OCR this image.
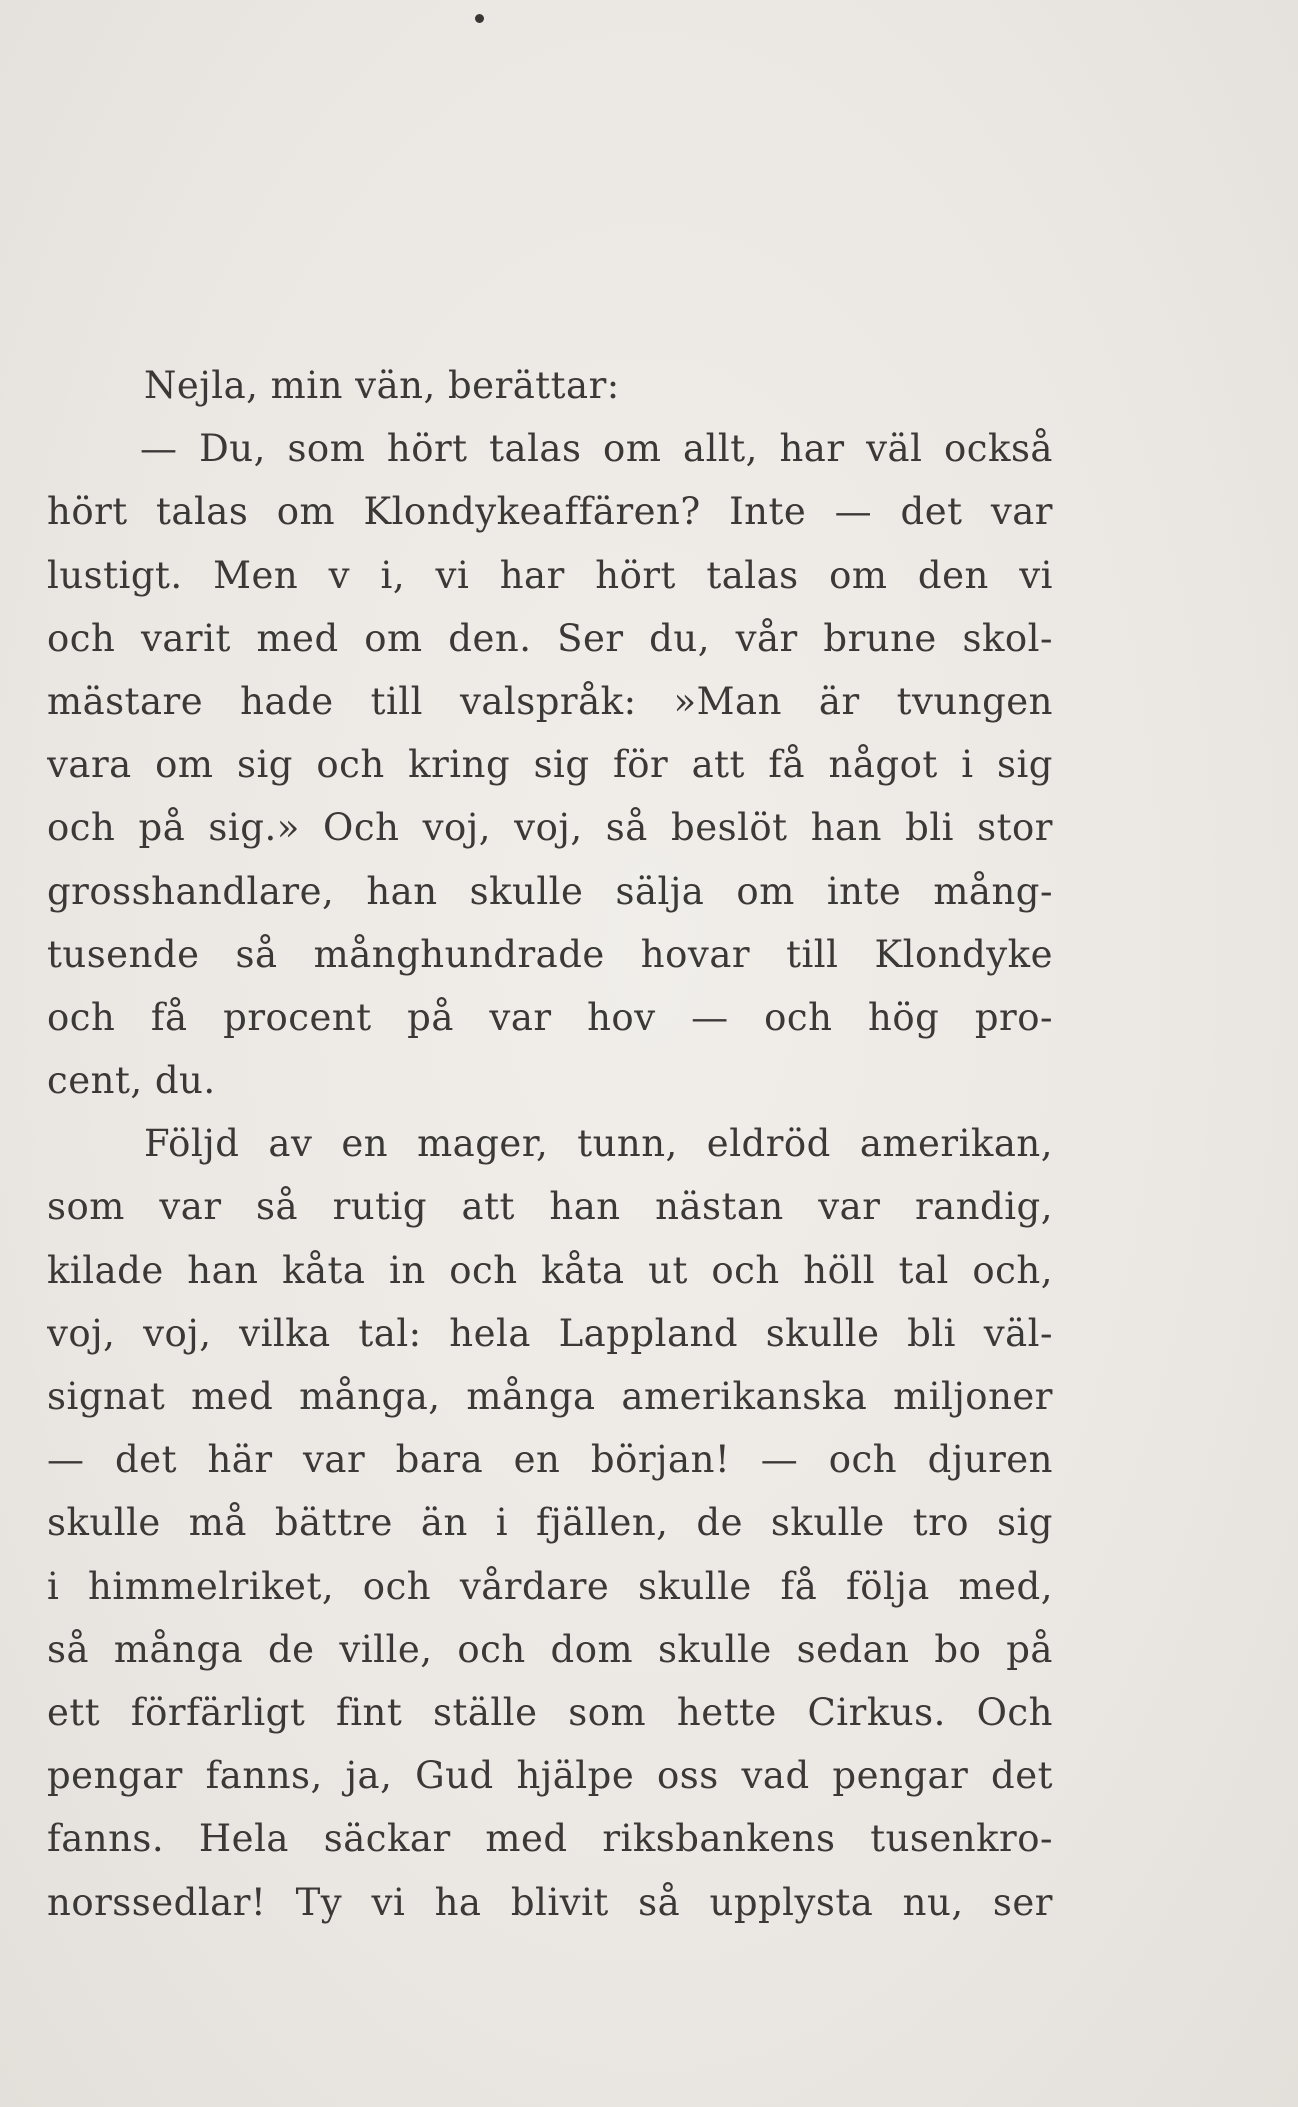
Nejla, min vän, berättar:
— Du, som hört talas om allt, har väl också
hört talas om Klondykeaffären? Inte — det var
lustigt. Men v i, vi har hört talas om den vi
och varit med om den. Ser du, vår brune skol-
mästare hade till valspråk: »Man är tvungen
vara om sig och kring sig för att få något i sig
och på sig.» Och voj, voj, så beslöt han bli stor
grosshandlare, han skulle sälja om inte mång-
tusende så månghundrade hovar till Klondyke
och få procent på var hov — och hög pro-
cent, du.
Följd av en mager, tunn, eldröd amerikan,
som var så rutig att han nästan var randig,
kilade han kåta in och kåta ut och höll tal och,
voj, voj, vilka tal: hela Lappland skulle bli väl-
signat med många, många amerikanska miljoner
— det här var bara en början! — och djuren
skulle må bättre än i fjällen, de skulle tro sig
i himmelriket, och vårdare skulle få följa med,
så många de ville, och dom skulle sedan bo på
ett förfärligt fint ställe som hette Cirkus. Och
pengar fanns, ja, Gud hjälpe oss vad pengar det
fanns. Hela säckar med riksbankens tusenkro-
norssedlar! Ty vi ha blivit så upplysta nu, ser
